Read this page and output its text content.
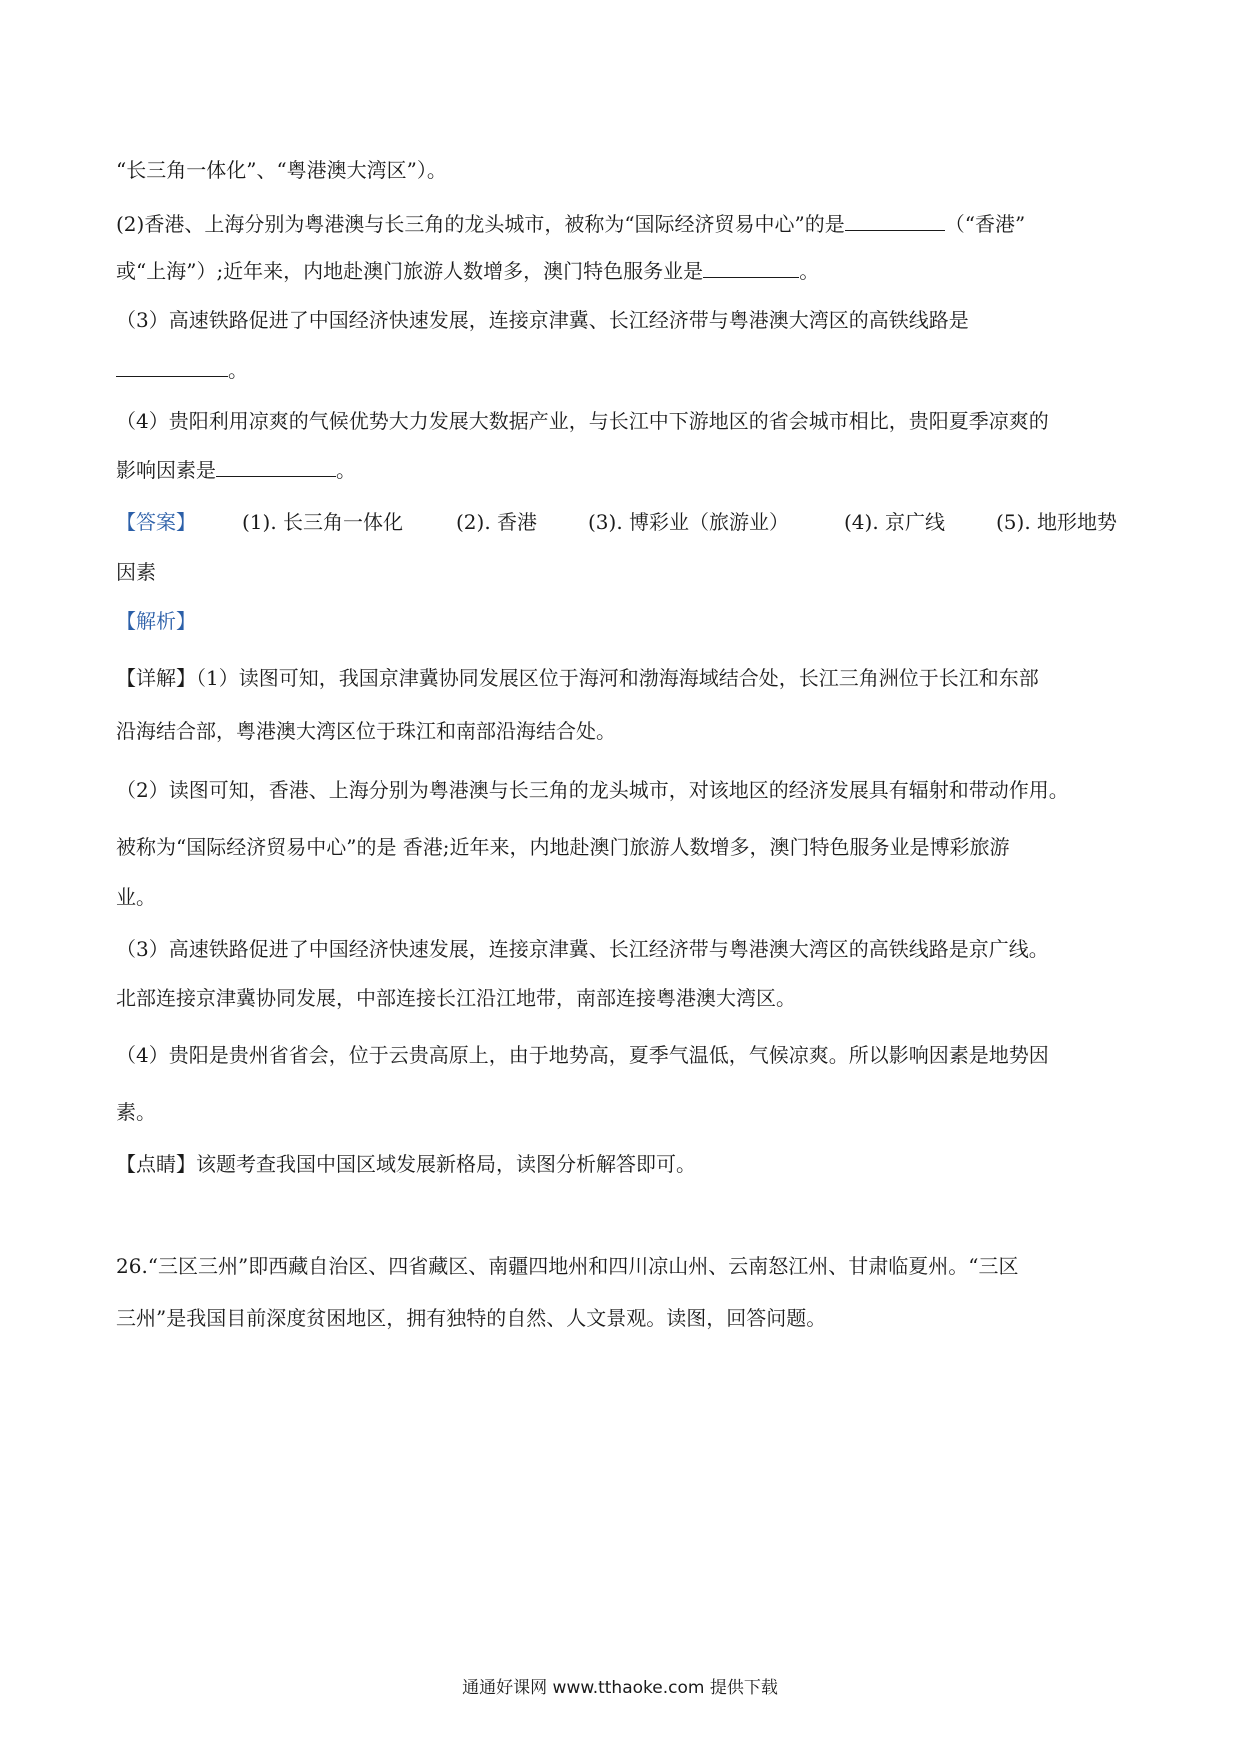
“长三角一体化”、“粤港澳大湾区”）。
(2)香港、上海分别为粤港澳与长三角的龙头城市，被称为“国际经济贸易中心”的是	（“香港”
或“上海”）;近年来，内地赴澳门旅游人数增多，澳门特色服务业是	。
（3）高速铁路促进了中国经济快速发展，连接京津冀、长江经济带与粤港澳大湾区的高铁线路是
。
（4）贵阳利用凉爽的气候优势大力发展大数据产业，与长江中下游地区的省会城市相比，贵阳夏季凉爽的
影响因素是	。
【答案】 (1). 长三角一体化	(2). 香港	(3). 博彩业（旅游业）	(4). 京广线	(5). 地形地势
因素
【解析】
【详解】（1）读图可知，我国京津冀协同发展区位于海河和渤海海域结合处，长江三角洲位于长江和东部
沿海结合部，粤港澳大湾区位于珠江和南部沿海结合处。
（2）读图可知，香港、上海分别为粤港澳与长三角的龙头城市，对该地区的经济发展具有辐射和带动作用。
被称为“国际经济贸易中心”的是 香港;近年来，内地赴澳门旅游人数增多，澳门特色服务业是博彩旅游
业。
（3）高速铁路促进了中国经济快速发展，连接京津冀、长江经济带与粤港澳大湾区的高铁线路是京广线。
北部连接京津冀协同发展，中部连接长江沿江地带，南部连接粤港澳大湾区。
（4）贵阳是贵州省省会，位于云贵高原上，由于地势高，夏季气温低，气候凉爽。所以影响因素是地势因
素。
【点睛】该题考查我国中国区域发展新格局，读图分析解答即可。
26.“三区三州”即西藏自治区、四省藏区、南疆四地州和四川凉山州、云南怒江州、甘肃临夏州。“三区
三州”是我国目前深度贫困地区，拥有独特的自然、人文景观。读图，回答问题。
通通好课网 www.tthaoke.com 提供下载
